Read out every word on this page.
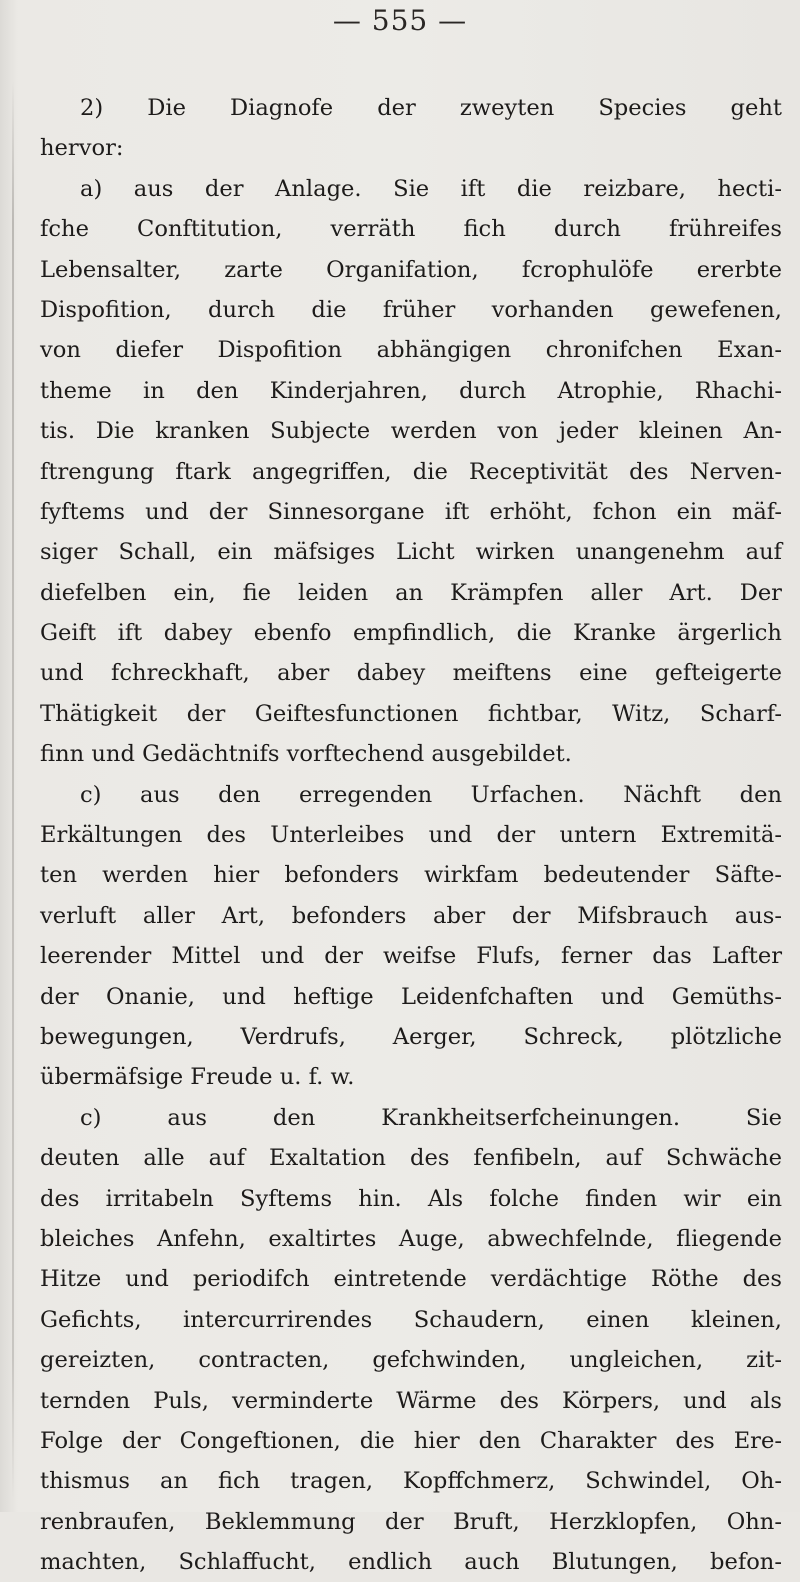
— 555 —
2) Die Diagnofe der zweyten Species geht
hervor:
a) aus der Anlage. Sie ift die reizbare, hecti-
fche Conftitution, verräth fich durch frühreifes
Lebensalter, zarte Organifation, fcrophulöfe ererbte
Dispofition, durch die früher vorhanden gewefenen,
von diefer Dispofition abhängigen chronifchen Exan-
theme in den Kinderjahren, durch Atrophie, Rhachi-
tis. Die kranken Subjecte werden von jeder kleinen An-
ftrengung ftark angegriffen, die Receptivität des Nerven-
fyftems und der Sinnesorgane ift erhöht, fchon ein mäf-
siger Schall, ein mäfsiges Licht wirken unangenehm auf
diefelben ein, fie leiden an Krämpfen aller Art. Der
Geift ift dabey ebenfo empfindlich, die Kranke ärgerlich
und fchreckhaft, aber dabey meiftens eine gefteigerte
Thätigkeit der Geiftesfunctionen fichtbar, Witz, Scharf-
finn und Gedächtnifs vorftechend ausgebildet.
c) aus den erregenden Urfachen. Nächft den
Erkältungen des Unterleibes und der untern Extremitä-
ten werden hier befonders wirkfam bedeutender Säfte-
verluft aller Art, befonders aber der Mifsbrauch aus-
leerender Mittel und der weifse Flufs, ferner das Lafter
der Onanie, und heftige Leidenfchaften und Gemüths-
bewegungen, Verdrufs, Aerger, Schreck, plötzliche
übermäfsige Freude u. f. w.
c) aus den Krankheitserfcheinungen. Sie
deuten alle auf Exaltation des fenfibeln, auf Schwäche
des irritabeln Syftems hin. Als folche finden wir ein
bleiches Anfehn, exaltirtes Auge, abwechfelnde, fliegende
Hitze und periodifch eintretende verdächtige Röthe des
Gefichts, intercurrirendes Schaudern, einen kleinen,
gereizten, contracten, gefchwinden, ungleichen, zit-
ternden Puls, verminderte Wärme des Körpers, und als
Folge der Congeftionen, die hier den Charakter des Ere-
thismus an fich tragen, Kopffchmerz, Schwindel, Oh-
renbraufen, Beklemmung der Bruft, Herzklopfen, Ohn-
machten, Schlaffucht, endlich auch Blutungen, befon-
